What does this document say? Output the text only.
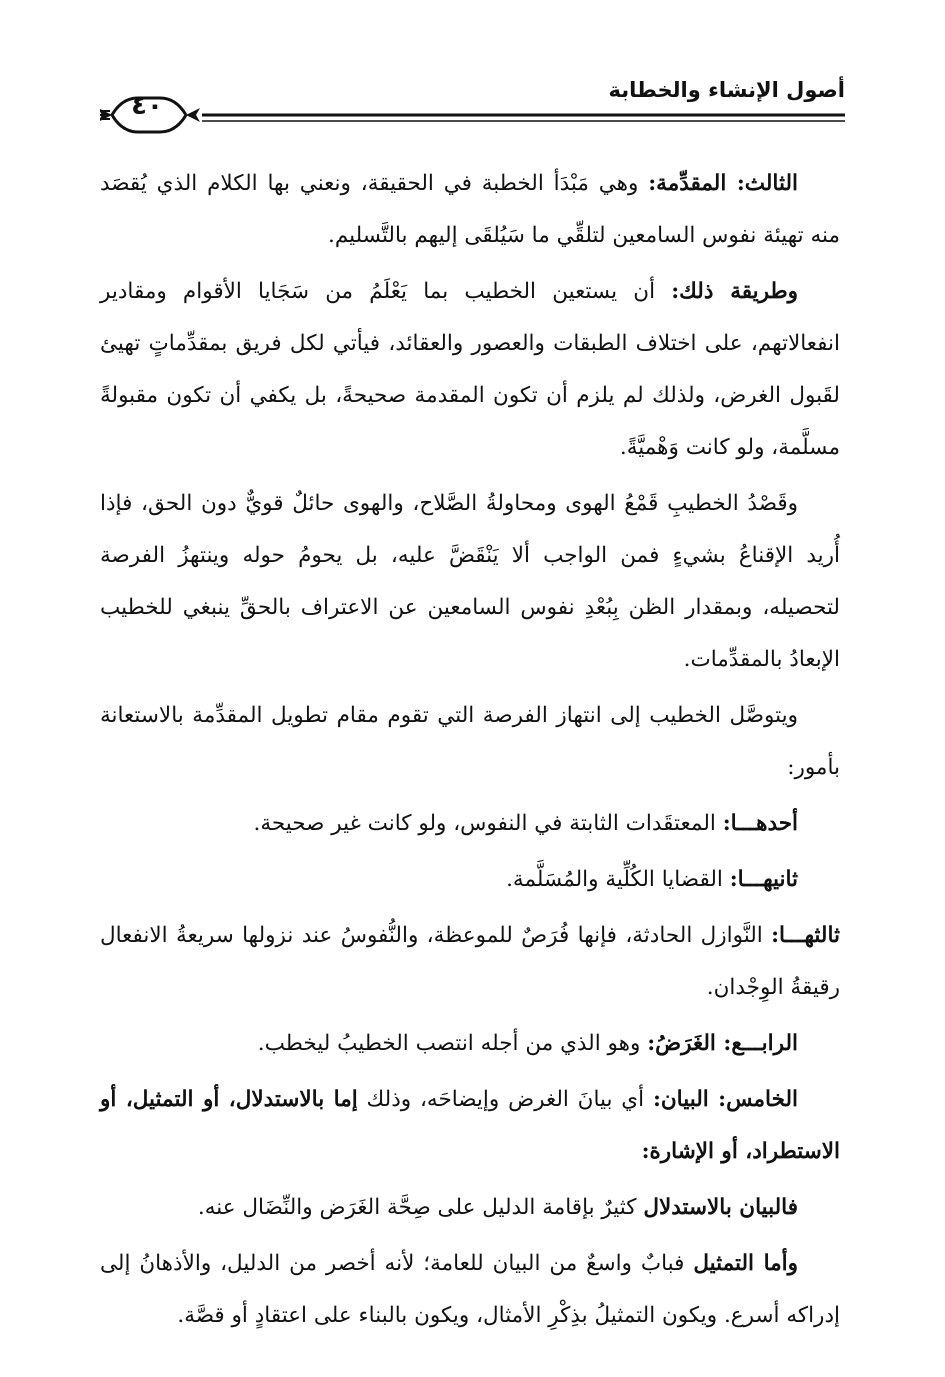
أصول الإنشاء والخطابة
٤٠

الثالث: المقدِّمة: وهي مَبْدَأ الخطبة في الحقيقة، ونعني بها الكلام الذي يُقصَد منه تهيئة نفوس السامعين لتلقِّي ما سَيُلقَى إليهم بالتَّسليم.

وطريقة ذلك: أن يستعين الخطيب بما يَعْلَمُ من سَجَايا الأقوام ومقادير انفعالاتهم، على اختلاف الطبقات والعصور والعقائد، فيأتي لكل فريق بمقدِّماتٍ تهيئ لقَبول الغرض، ولذلك لم يلزم أن تكون المقدمة صحيحةً، بل يكفي أن تكون مقبولةً مسلَّمة، ولو كانت وَهْميَّةً.

وقَصْدُ الخطيبِ قَمْعُ الهوى ومحاولةُ الصَّلاح، والهوى حائلٌ قويٌّ دون الحق، فإذا أُريد الإقناعُ بشيءٍ فمن الواجب ألا يَنْقَضَّ عليه، بل يحومُ حوله وينتهزُ الفرصة لتحصيله، وبمقدار الظن بِبُعْدِ نفوس السامعين عن الاعتراف بالحقِّ ينبغي للخطيب الإبعادُ بالمقدِّمات.

ويتوصَّل الخطيب إلى انتهاز الفرصة التي تقوم مقام تطويل المقدِّمة بالاستعانة بأمور:

أحدهـــا: المعتقَدات الثابتة في النفوس، ولو كانت غير صحيحة.

ثانيهـــا: القضايا الكُلِّية والمُسَلَّمة.

ثالثهـــا: النَّوازل الحادثة، فإنها فُرَصٌ للموعظة، والنُّفوسُ عند نزولها سريعةُ الانفعال رقيقةُ الوِجْدان.

الرابـــع: الغَرَضُ: وهو الذي من أجله انتصب الخطيبُ ليخطب.

الخامس: البيان: أي بيانَ الغرض وإيضاحَه، وذلك إما بالاستدلال، أو التمثيل، أو الاستطراد، أو الإشارة:

فالبيان بالاستدلال كثيرٌ بإقامة الدليل على صِحَّة الغَرَض والنِّضَال عنه.

وأما التمثيل فبابٌ واسعٌ من البيان للعامة؛ لأنه أخصر من الدليل، والأذهانُ إلى إدراكه أسرع. ويكون التمثيلُ بذِكْرِ الأمثال، ويكون بالبناء على اعتقادٍ أو قصَّة.
